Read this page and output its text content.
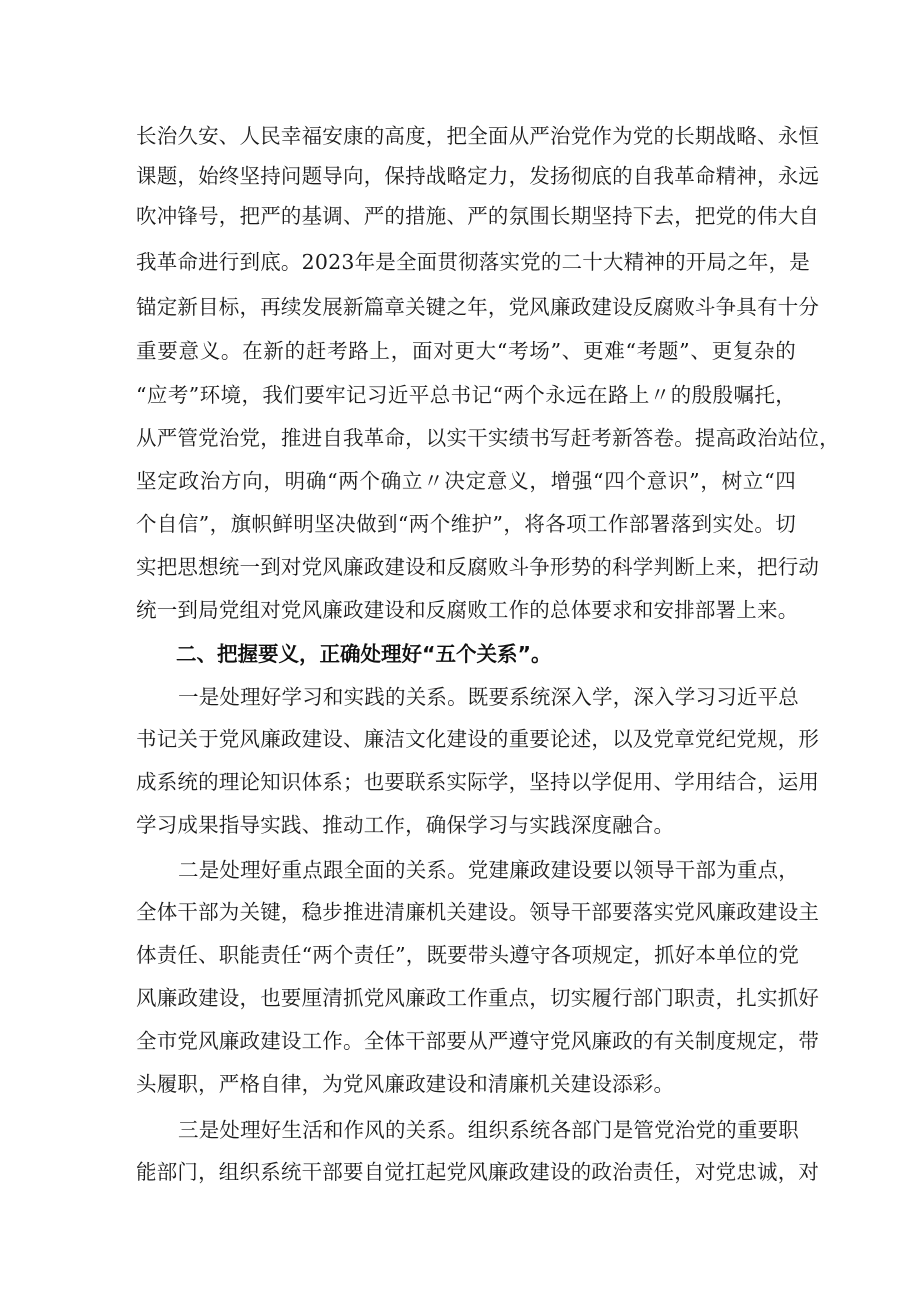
长治久安、人民幸福安康的高度，把全面从严治党作为党的长期战略、永恒
课题，始终坚持问题导向，保持战略定力，发扬彻底的自我革命精神，永远
吹冲锋号，把严的基调、严的措施、严的氛围长期坚持下去，把党的伟大自
我革命进行到底。2023年是全面贯彻落实党的二十大精神的开局之年，是
锚定新目标，再续发展新篇章关键之年，党风廉政建设反腐败斗争具有十分
重要意义。在新的赶考路上，面对更大“考场”、更难“考题”、更复杂的
“应考”环境，我们要牢记习近平总书记“两个永远在路上〃的殷殷嘱托，
从严管党治党，推进自我革命，以实干实绩书写赶考新答卷。提高政治站位，
坚定政治方向，明确“两个确立〃决定意义，增强“四个意识”，树立“四
个自信”，旗帜鲜明坚决做到“两个维护”，将各项工作部署落到实处。切
实把思想统一到对党风廉政建设和反腐败斗争形势的科学判断上来，把行动
统一到局党组对党风廉政建设和反腐败工作的总体要求和安排部署上来。
二、把握要义，正确处理好“五个关系”。
一是处理好学习和实践的关系。既要系统深入学，深入学习习近平总
书记关于党风廉政建设、廉洁文化建设的重要论述，以及党章党纪党规，形
成系统的理论知识体系；也要联系实际学，坚持以学促用、学用结合，运用
学习成果指导实践、推动工作，确保学习与实践深度融合。
二是处理好重点跟全面的关系。党建廉政建设要以领导干部为重点，
全体干部为关键，稳步推进清廉机关建设。领导干部要落实党风廉政建设主
体责任、职能责任“两个责任”，既要带头遵守各项规定，抓好本单位的党
风廉政建设，也要厘清抓党风廉政工作重点，切实履行部门职责，扎实抓好
全市党风廉政建设工作。全体干部要从严遵守党风廉政的有关制度规定，带
头履职，严格自律，为党风廉政建设和清廉机关建设添彩。
三是处理好生活和作风的关系。组织系统各部门是管党治党的重要职
能部门，组织系统干部要自觉扛起党风廉政建设的政治责任，对党忠诚，对
